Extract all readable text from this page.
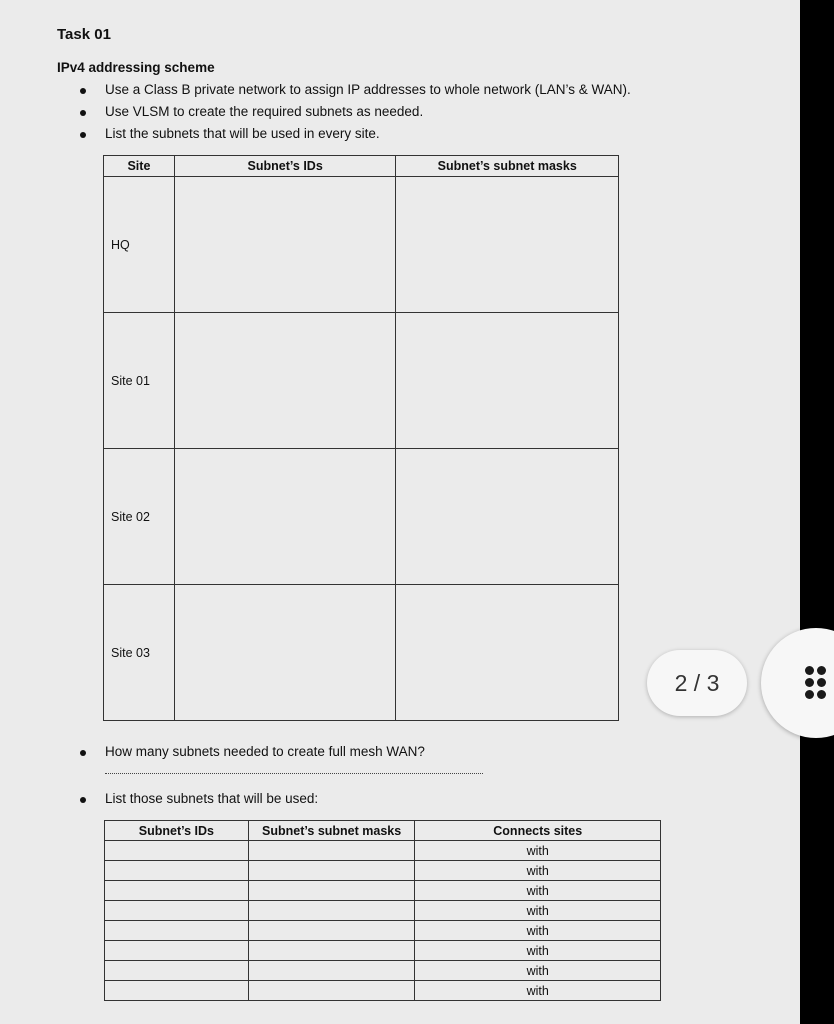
Task 01
IPv4 addressing scheme
Use a Class B private network to assign IP addresses to whole network (LAN’s & WAN).
Use VLSM to create the required subnets as needed.
List the subnets that will be used in every site.
Site	Subnet’s IDs	Subnet’s subnet masks
HQ		
Site 01		
Site 02		
Site 03		
How many subnets needed to create full mesh WAN?
List those subnets that will be used:
Subnet’s IDs	Subnet’s subnet masks	Connects sites
		with
		with
		with
		with
		with
		with
		with
		with
2 / 3
